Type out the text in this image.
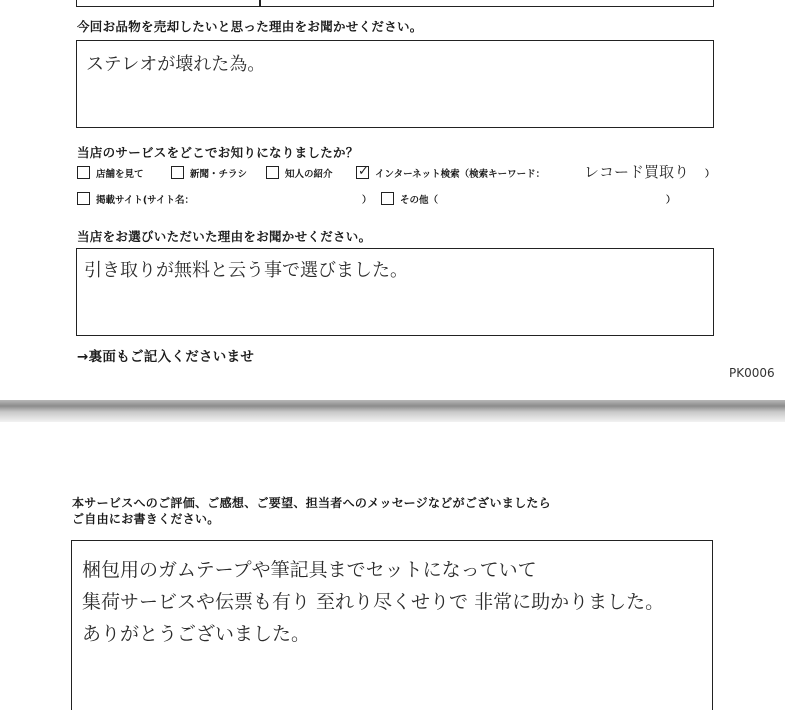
今回お品物を売却したいと思った理由をお聞かせください。
ステレオが壊れた為。
当店のサービスをどこでお知りになりましたか？
店舗を見て	新聞・チラシ	知人の紹介 ✓ インターネット検索（検索キーワード：	レコード買取り ）
掲載サイト(サイト名：	）	その他（	）
当店をお選びいただいた理由をお聞かせください。
引き取りが無料と云う事で選びました。
→裏面もご記入くださいませ
PK0006
本サービスへのご評価、ご感想、ご要望、担当者へのメッセージなどがございましたら
ご自由にお書きください。
梱包用のガムテープや筆記具までセットになっていて
集荷サービスや伝票も有り 至れり尽くせりで 非常に助かりました。
ありがとうございました。
